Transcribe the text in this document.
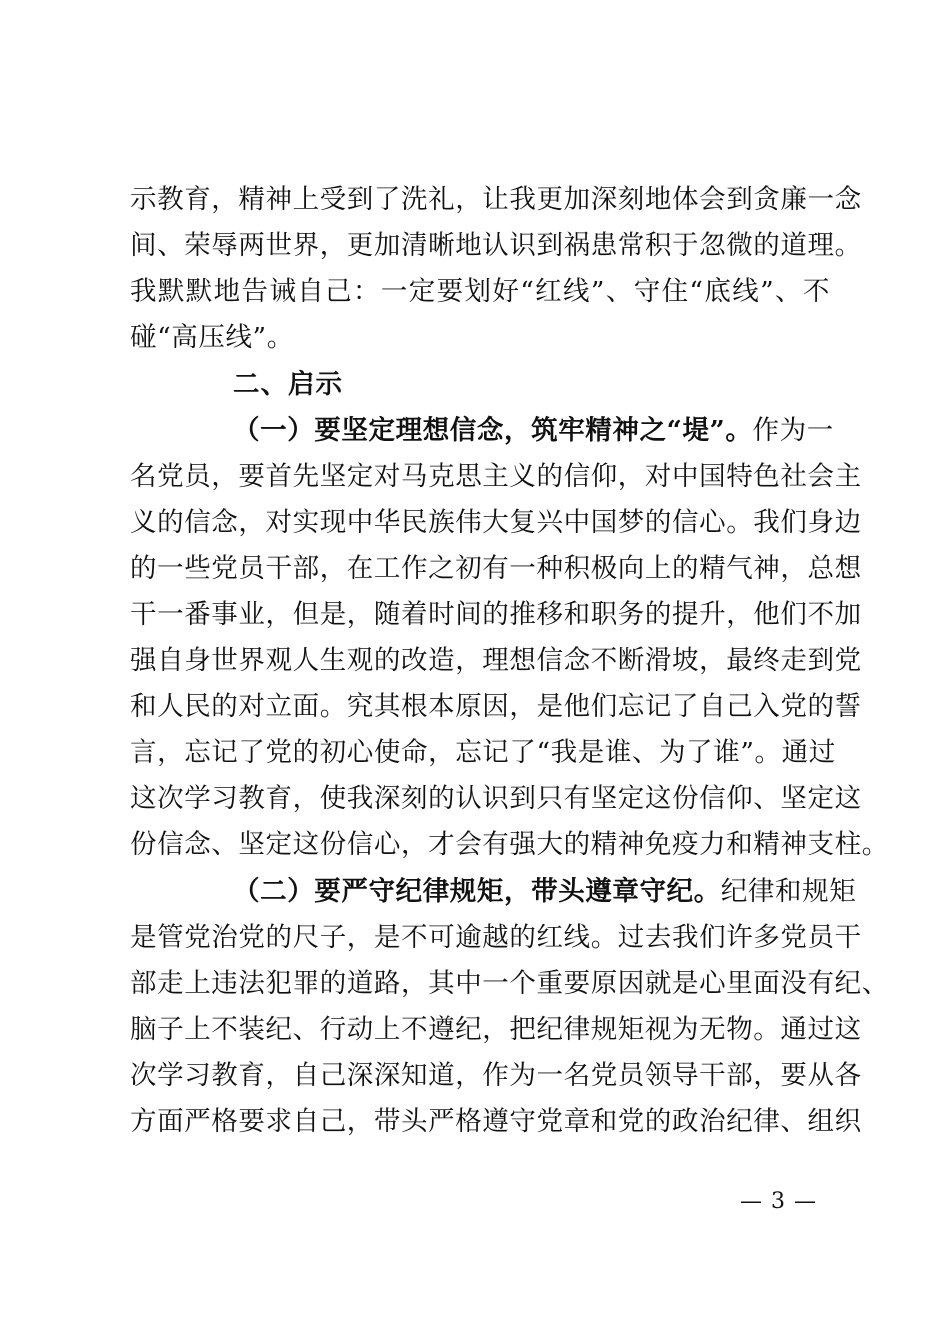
示教育，精神上受到了洗礼，让我更加深刻地体会到贪廉一念
间、荣辱两世界，更加清晰地认识到祸患常积于忽微的道理。
我默默地告诫自己：一定要划好“红线”、守住“底线”、不
碰“高压线”。
二、启示
（一）要坚定理想信念，筑牢精神之“堤”。作为一
名党员，要首先坚定对马克思主义的信仰，对中国特色社会主
义的信念，对实现中华民族伟大复兴中国梦的信心。我们身边
的一些党员干部，在工作之初有一种积极向上的精气神，总想
干一番事业，但是，随着时间的推移和职务的提升，他们不加
强自身世界观人生观的改造，理想信念不断滑坡，最终走到党
和人民的对立面。究其根本原因，是他们忘记了自己入党的誓
言，忘记了党的初心使命，忘记了“我是谁、为了谁”。通过
这次学习教育，使我深刻的认识到只有坚定这份信仰、坚定这
份信念、坚定这份信心，才会有强大的精神免疫力和精神支柱。
（二）要严守纪律规矩，带头遵章守纪。纪律和规矩
是管党治党的尺子，是不可逾越的红线。过去我们许多党员干
部走上违法犯罪的道路，其中一个重要原因就是心里面没有纪、
脑子上不装纪、行动上不遵纪，把纪律规矩视为无物。通过这
次学习教育，自己深深知道，作为一名党员领导干部，要从各
方面严格要求自己，带头严格遵守党章和党的政治纪律、组织
— 3 —
